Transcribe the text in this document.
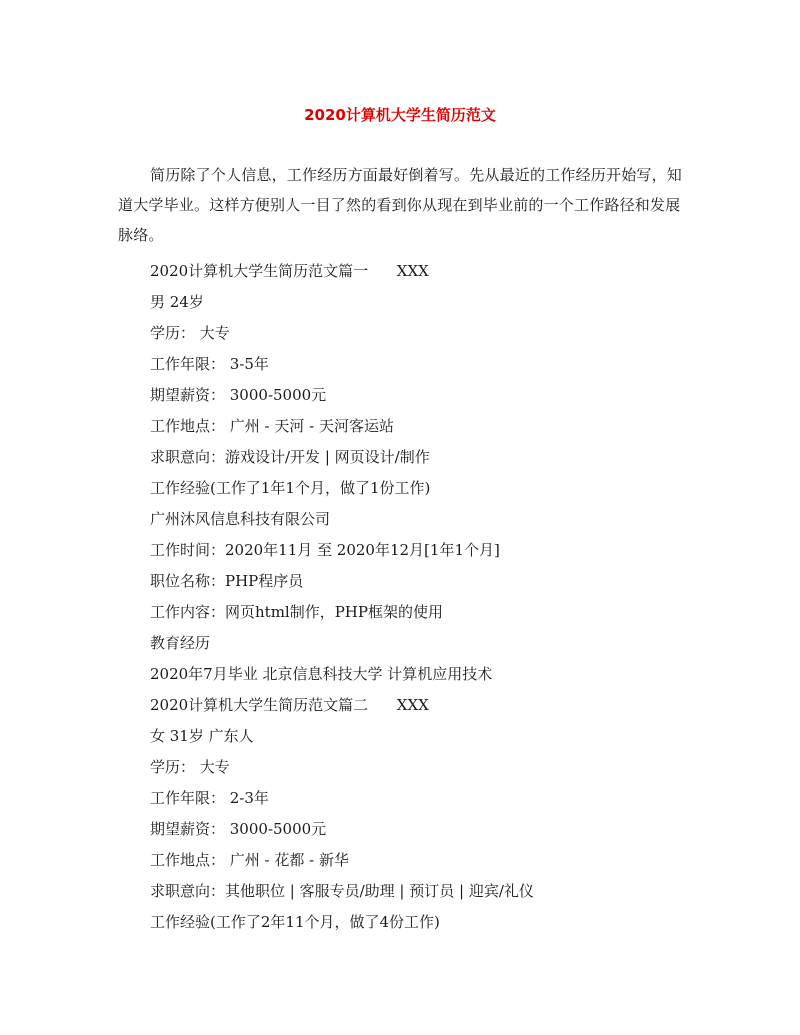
2020计算机大学生简历范文

简历除了个人信息，工作经历方面最好倒着写。先从最近的工作经历开始写，知道大学毕业。这样方便别人一目了然的看到你从现在到毕业前的一个工作路径和发展脉络。

2020计算机大学生简历范文篇一      XXX
男 24岁
学历： 大专
工作年限： 3-5年
期望薪资： 3000-5000元
工作地点： 广州 - 天河 - 天河客运站
求职意向：游戏设计/开发 | 网页设计/制作
工作经验(工作了1年1个月，做了1份工作)
广州沐风信息科技有限公司
工作时间：2020年11月 至 2020年12月[1年1个月]
职位名称：PHP程序员
工作内容：网页html制作，PHP框架的使用
教育经历
2020年7月毕业 北京信息科技大学 计算机应用技术
2020计算机大学生简历范文篇二      XXX
女 31岁 广东人
学历： 大专
工作年限： 2-3年
期望薪资： 3000-5000元
工作地点： 广州 - 花都 - 新华
求职意向：其他职位 | 客服专员/助理 | 预订员 | 迎宾/礼仪
工作经验(工作了2年11个月，做了4份工作)
